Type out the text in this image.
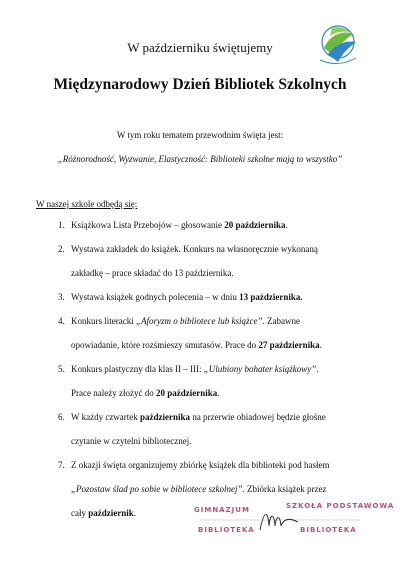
W październiku świętujemy
Międzynarodowy Dzień Bibliotek Szkolnych
W tym roku tematem przewodnim święta jest:
„Różnorodność, Wyzwanie, Elastyczność: Biblioteki szkolne mają to wszystko”
W naszej szkole odbędą się:
1. Książkowa Lista Przebojów – głosowanie 20 października.
2. Wystawa zakładek do książek. Konkurs na własnoręcznie wykonaną
zakładkę – prace składać do 13 października.
3. Wystawa książek godnych polecenia – w dniu 13 października.
4. Konkurs literacki „Aforyzm o bibliotece lub książce”. Zabawne
opowiadanie, które rozśmieszy smutasów. Prace do 27 października.
5. Konkurs plastyczny dla klas II – III: „Ulubiony bohater książkowy”.
Prace należy złożyć do 20 października.
6. W każdy czwartek października na przerwie obiadowej będzie głośne
czytanie w czytelni bibliotecznej.
7. Z okazji święta organizujemy zbiórkę książek dla biblioteki pod hasłem
„Pozostaw ślad po sobie w bibliotece szkolnej”. Zbiórka książek przez
cały październik.	GIMNAZJUM
BIBLIOTEKA
SZKOŁA PODSTAWOWA
BIBLIOTEKA
